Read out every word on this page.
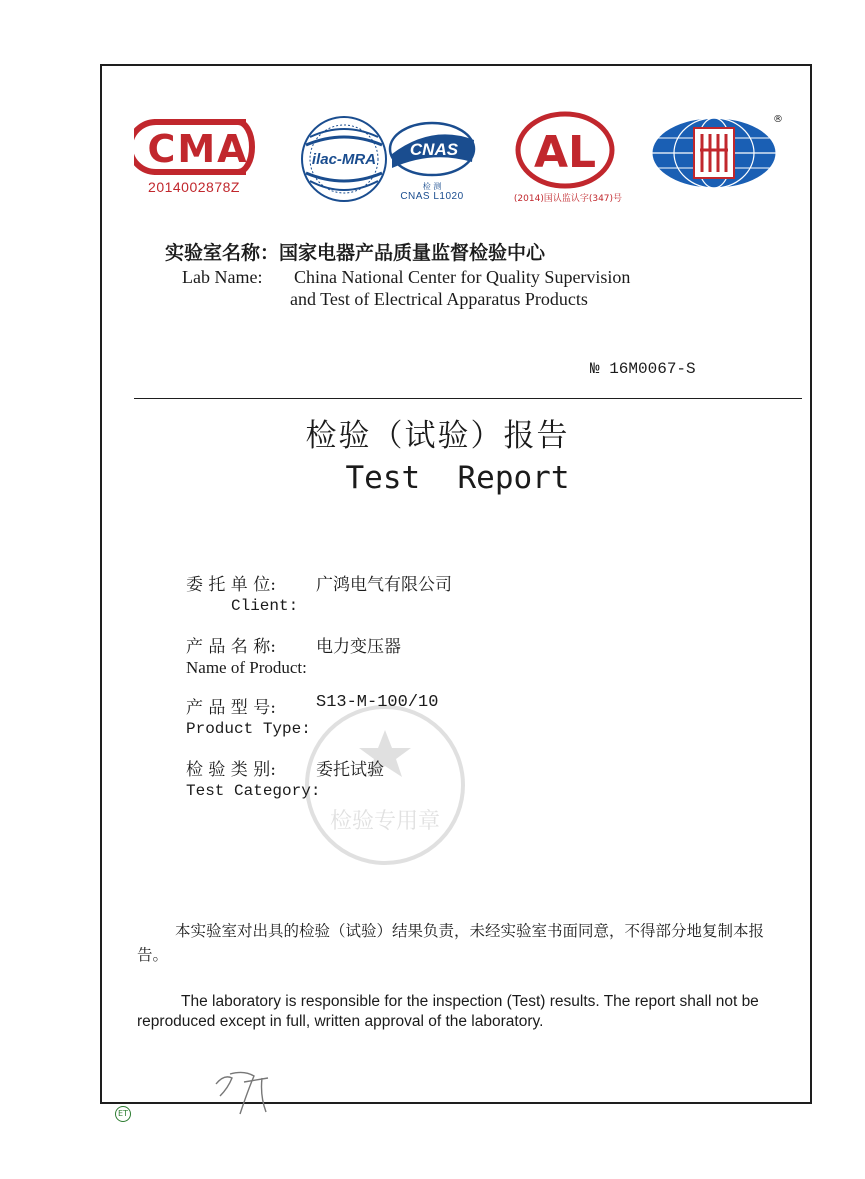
CMA
2014002878Z
ilac-MRA
CNAS
检 测
CNAS L1020
AL
(2014)国认监认字(347)号
®
实验室名称：国家电器产品质量监督检验中心
Lab Name: China National Center for Quality Supervision
and Test of Electrical Apparatus Products
№ 16M0067-S
检验（试验）报告
Test  Report
检验专用章
委 托 单 位: 广鸿电气有限公司
Client:
产 品 名 称: 电力变压器
Name of Product:
产 品 型 号: S13-M-100/10
Product Type:
检 验 类 别: 委托试验
Test Category:
本实验室对出具的检验（试验）结果负责，未经实验室书面同意，不得部分地复制本报告。
The laboratory is responsible for the inspection (Test) results. The report shall not be reproduced except in full, written approval of the laboratory.
ET
